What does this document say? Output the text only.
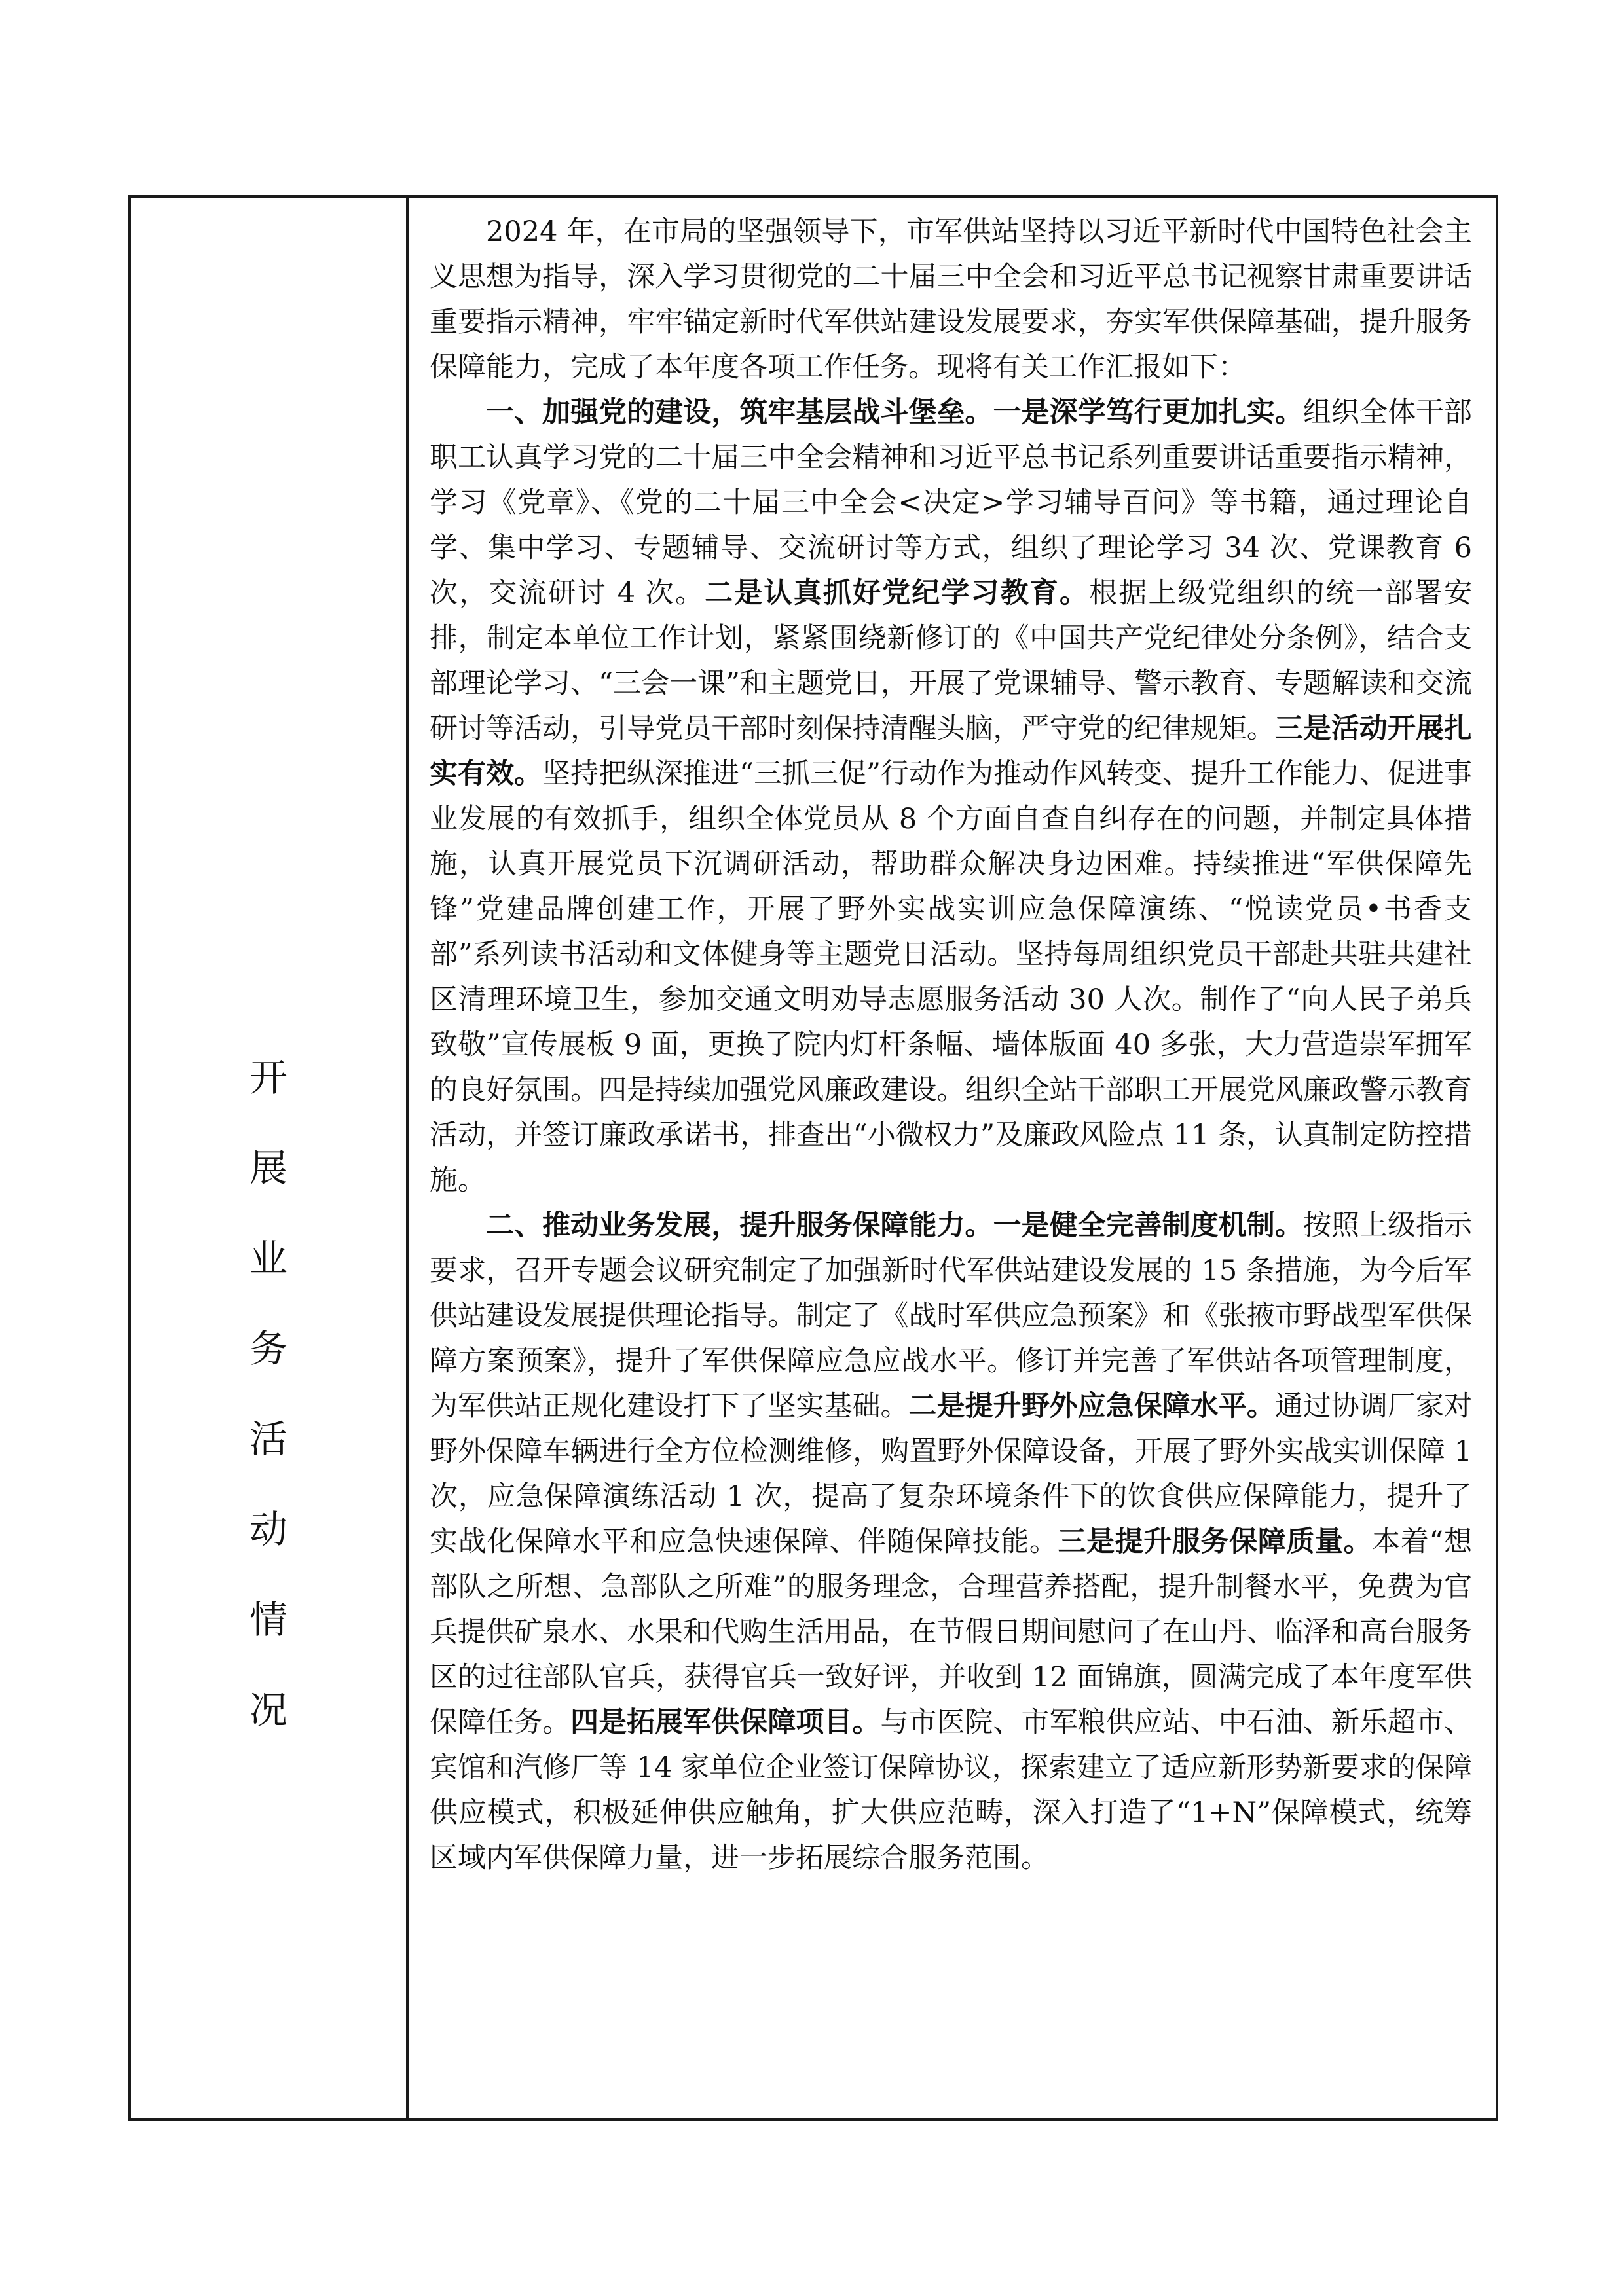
开
展
业
务
活
动
情
况

2024 年，在市局的坚强领导下，市军供站坚持以习近平新时代中国特色社会主义思想为指导，深入学习贯彻党的二十届三中全会和习近平总书记视察甘肃重要讲话重要指示精神，牢牢锚定新时代军供站建设发展要求，夯实军供保障基础，提升服务保障能力，完成了本年度各项工作任务。现将有关工作汇报如下：

一、加强党的建设，筑牢基层战斗堡垒。一是深学笃行更加扎实。组织全体干部职工认真学习党的二十届三中全会精神和习近平总书记系列重要讲话重要指示精神，学习《党章》、《党的二十届三中全会<决定>学习辅导百问》等书籍，通过理论自学、集中学习、专题辅导、交流研讨等方式，组织了理论学习 34 次、党课教育 6 次，交流研讨 4 次。二是认真抓好党纪学习教育。根据上级党组织的统一部署安排，制定本单位工作计划，紧紧围绕新修订的《中国共产党纪律处分条例》，结合支部理论学习、“三会一课”和主题党日，开展了党课辅导、警示教育、专题解读和交流研讨等活动，引导党员干部时刻保持清醒头脑，严守党的纪律规矩。三是活动开展扎实有效。坚持把纵深推进“三抓三促”行动作为推动作风转变、提升工作能力、促进事业发展的有效抓手，组织全体党员从 8 个方面自查自纠存在的问题，并制定具体措施，认真开展党员下沉调研活动，帮助群众解决身边困难。持续推进“军供保障先锋”党建品牌创建工作，开展了野外实战实训应急保障演练、“悦读党员•书香支部”系列读书活动和文体健身等主题党日活动。坚持每周组织党员干部赴共驻共建社区清理环境卫生，参加交通文明劝导志愿服务活动 30 人次。制作了“向人民子弟兵致敬”宣传展板 9 面，更换了院内灯杆条幅、墙体版面 40 多张，大力营造崇军拥军的良好氛围。四是持续加强党风廉政建设。组织全站干部职工开展党风廉政警示教育活动，并签订廉政承诺书，排查出“小微权力”及廉政风险点 11 条，认真制定防控措施。

二、推动业务发展，提升服务保障能力。一是健全完善制度机制。按照上级指示要求，召开专题会议研究制定了加强新时代军供站建设发展的 15 条措施，为今后军供站建设发展提供理论指导。制定了《战时军供应急预案》和《张掖市野战型军供保障方案预案》，提升了军供保障应急应战水平。修订并完善了军供站各项管理制度，为军供站正规化建设打下了坚实基础。二是提升野外应急保障水平。通过协调厂家对野外保障车辆进行全方位检测维修，购置野外保障设备，开展了野外实战实训保障 1 次，应急保障演练活动 1 次，提高了复杂环境条件下的饮食供应保障能力，提升了实战化保障水平和应急快速保障、伴随保障技能。三是提升服务保障质量。本着“想部队之所想、急部队之所难”的服务理念，合理营养搭配，提升制餐水平，免费为官兵提供矿泉水、水果和代购生活用品，在节假日期间慰问了在山丹、临泽和高台服务区的过往部队官兵，获得官兵一致好评，并收到 12 面锦旗，圆满完成了本年度军供保障任务。四是拓展军供保障项目。与市医院、市军粮供应站、中石油、新乐超市、宾馆和汽修厂等 14 家单位企业签订保障协议，探索建立了适应新形势新要求的保障供应模式，积极延伸供应触角，扩大供应范畴，深入打造了“1+N”保障模式，统筹区域内军供保障力量，进一步拓展综合服务范围。
